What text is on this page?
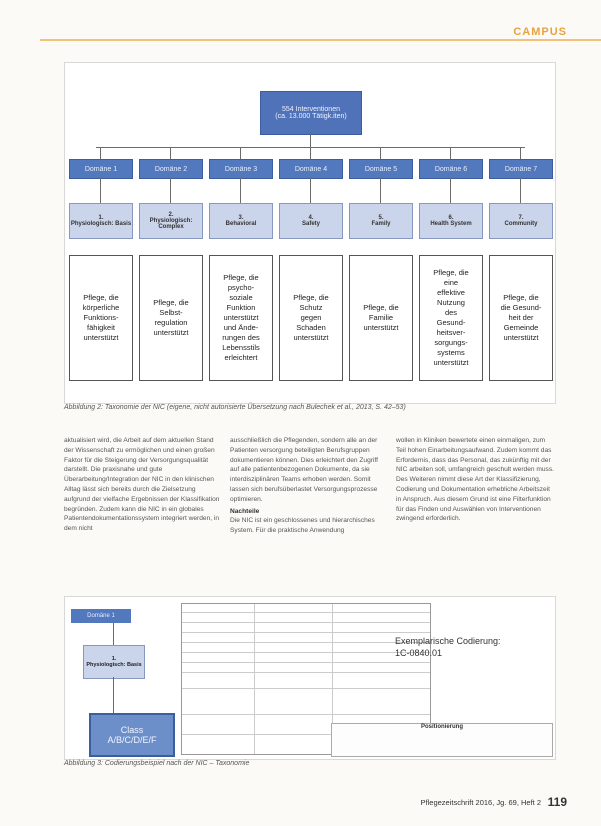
CAMPUS
554 Interventionen
(ca. 13.000 Tätigk.iten)
Domäne 1
1.
Physiologisch: Basis
Pflege, die
körperliche
Funktions-
fähigkeit
unterstützt
Domäne 2
2.
Physiologisch: Complex
Pflege, die
Selbst-
regulation
unterstützt
Domäne 3
3.
Behavioral
Pflege, die
psycho-
soziale
Funktion
unterstützt
und Ände-
rungen des
Lebensstils
erleichtert
Domäne 4
4.
Safety
Pflege, die
Schutz
gegen
Schaden
unterstützt
Domäne 5
5.
Family
Pflege, die
Familie
unterstützt
Domäne 6
6.
Health System
Pflege, die
eine
effektive
Nutzung
des
Gesund-
heitsver-
sorgungs-
systems
unterstützt
Domäne 7
7.
Community
Pflege, die
die Gesund-
heit der
Gemeinde
unterstützt
Abbildung 2: Taxonomie der NIC (eigene, nicht autorisierte Übersetzung nach Bulechek et al., 2013, S. 42–53)

aktualisiert wird, die Arbeit auf dem aktuellen Stand der Wissenschaft zu ermöglichen und einen großen Faktor für die Steigerung der Versorgungsqualität darstellt. Die praxisnahe und gute Überarbeitung/Integration der NIC in den klinischen Alltag lässt sich bereits durch die Zielsetzung aufgrund der vielfache Ergebnissen der Klassifikation begründen. Zudem kann die NIC in ein globales Patientendokumentationssystem integriert werden, in dem nicht

ausschließlich die Pflegenden, sondern alle an der Patienten versorgung beteiligten Berufsgruppen dokumentieren können. Dies erleichtert den Zugriff auf alle patientenbezogenen Dokumente, da sie interdisziplinären Teams erhoben werden. Somit lassen sich berufsüberlastet Versorgungsprozesse optimieren.

Nachteile

Die NIC ist ein geschlossenes und hierarchisches System. Für die praktische Anwendung

wollen in Kliniken bewertete einen einmaligen, zum Teil hohen Einarbeitungsaufwand. Zudem kommt das Erfordernis, dass das Personal, das zukünftig mit der NIC arbeiten soll, umfangreich geschult werden muss. Des Weiteren nimmt diese Art der Klassifizierung, Codierung und Dokumentation erhebliche Arbeitszeit in Anspruch. Aus diesem Grund ist eine Filterfunktion für das Finden und Auswählen von Interventionen zwingend erforderlich.

Domäne 1
1.
Physiologisch: Basis
Class
A/B/C/D/E/F
Exemplarische Codierung:
1C-0840.01
Positionierung
Abbildung 3: Codierungsbeispiel nach der NIC – Taxonomie
Pflegezeitschrift 2016, Jg. 69, Heft 2 119
